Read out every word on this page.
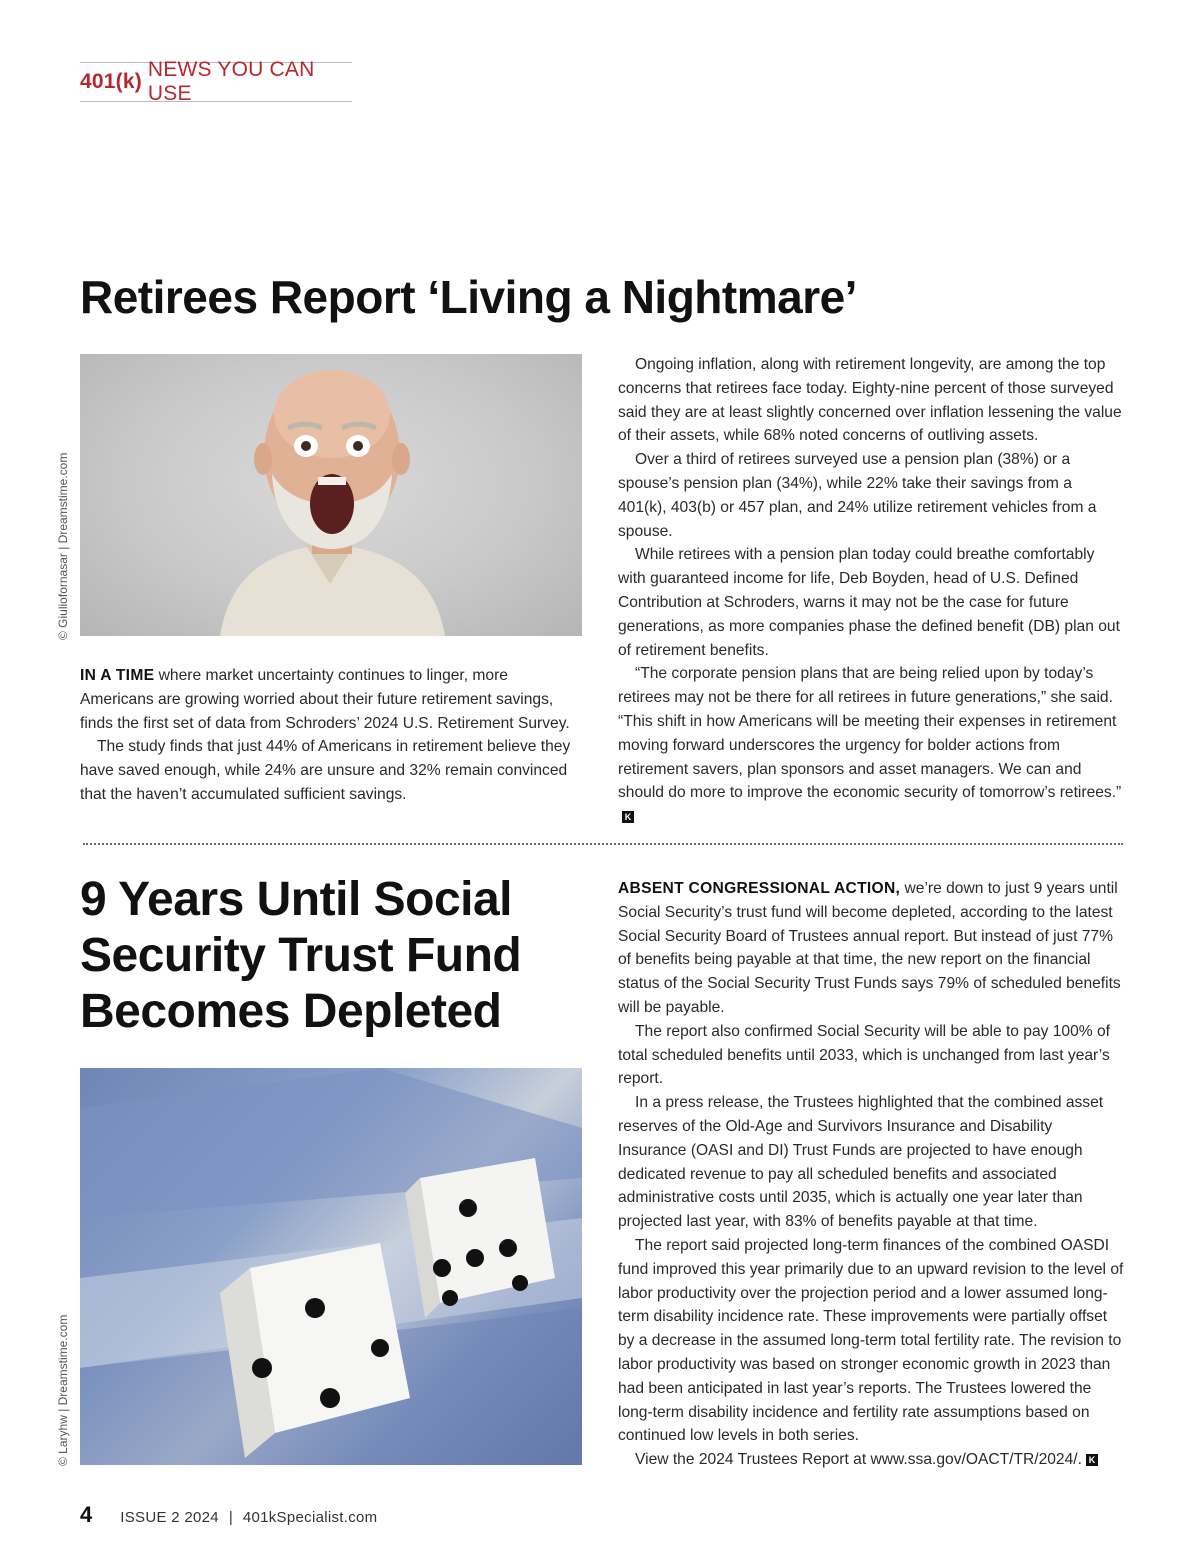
401(k)
NEWS YOU CAN USE
Retirees Report ‘Living a Nightmare’
© Giuliofornasar | Dreamstime.com

IN A TIME where market uncertainty continues to linger, more Americans are growing worried about their future retirement savings, finds the first set of data from Schroders’ 2024 U.S. Retirement Survey.

The study finds that just 44% of Americans in retirement believe they have saved enough, while 24% are unsure and 32% remain convinced that the haven’t accumulated sufficient savings.

Ongoing inflation, along with retirement longevity, are among the top concerns that retirees face today. Eighty-nine percent of those surveyed said they are at least slightly concerned over inflation lessening the value of their assets, while 68% noted concerns of outliving assets.

Over a third of retirees surveyed use a pension plan (38%) or a spouse’s pension plan (34%), while 22% take their savings from a 401(k), 403(b) or 457 plan, and 24% utilize retirement vehicles from a spouse.

While retirees with a pension plan today could breathe comfortably with guaranteed income for life, Deb Boyden, head of U.S. Defined Contribution at Schroders, warns it may not be the case for future generations, as more companies phase the defined benefit (DB) plan out of retirement benefits.

“The corporate pension plans that are being relied upon by today’s retirees may not be there for all retirees in future generations,” she said. “This shift in how Americans will be meeting their expenses in retirement moving forward underscores the urgency for bolder actions from retirement savers, plan sponsors and asset managers. We can and should do more to improve the economic security of tomorrow’s retirees.”K

9 Years Until Social Security Trust Fund Becomes Depleted
© Laryhw | Dreamstime.com

ABSENT CONGRESSIONAL ACTION, we’re down to just 9 years until Social Security’s trust fund will become depleted, according to the latest Social Security Board of Trustees annual report. But instead of just 77% of benefits being payable at that time, the new report on the financial status of the Social Security Trust Funds says 79% of scheduled benefits will be payable.

The report also confirmed Social Security will be able to pay 100% of total scheduled benefits until 2033, which is unchanged from last year’s report.

In a press release, the Trustees highlighted that the combined asset reserves of the Old-Age and Survivors Insurance and Disability Insurance (OASI and DI) Trust Funds are projected to have enough dedicated revenue to pay all scheduled benefits and associated administrative costs until 2035, which is actually one year later than projected last year, with 83% of benefits payable at that time.

The report said projected long-term finances of the combined OASDI fund improved this year primarily due to an upward revision to the level of labor productivity over the projection period and a lower assumed long-term disability incidence rate. These improvements were partially offset by a decrease in the assumed long-term total fertility rate. The revision to labor productivity was based on stronger economic growth in 2023 than had been anticipated in last year’s reports. The Trustees lowered the long-term disability incidence and fertility rate assumptions based on continued low levels in both series.

View the 2024 Trustees Report at www.ssa.gov/OACT/TR/2024/. K

4 ISSUE 2 2024 | 401kSpecialist.com
